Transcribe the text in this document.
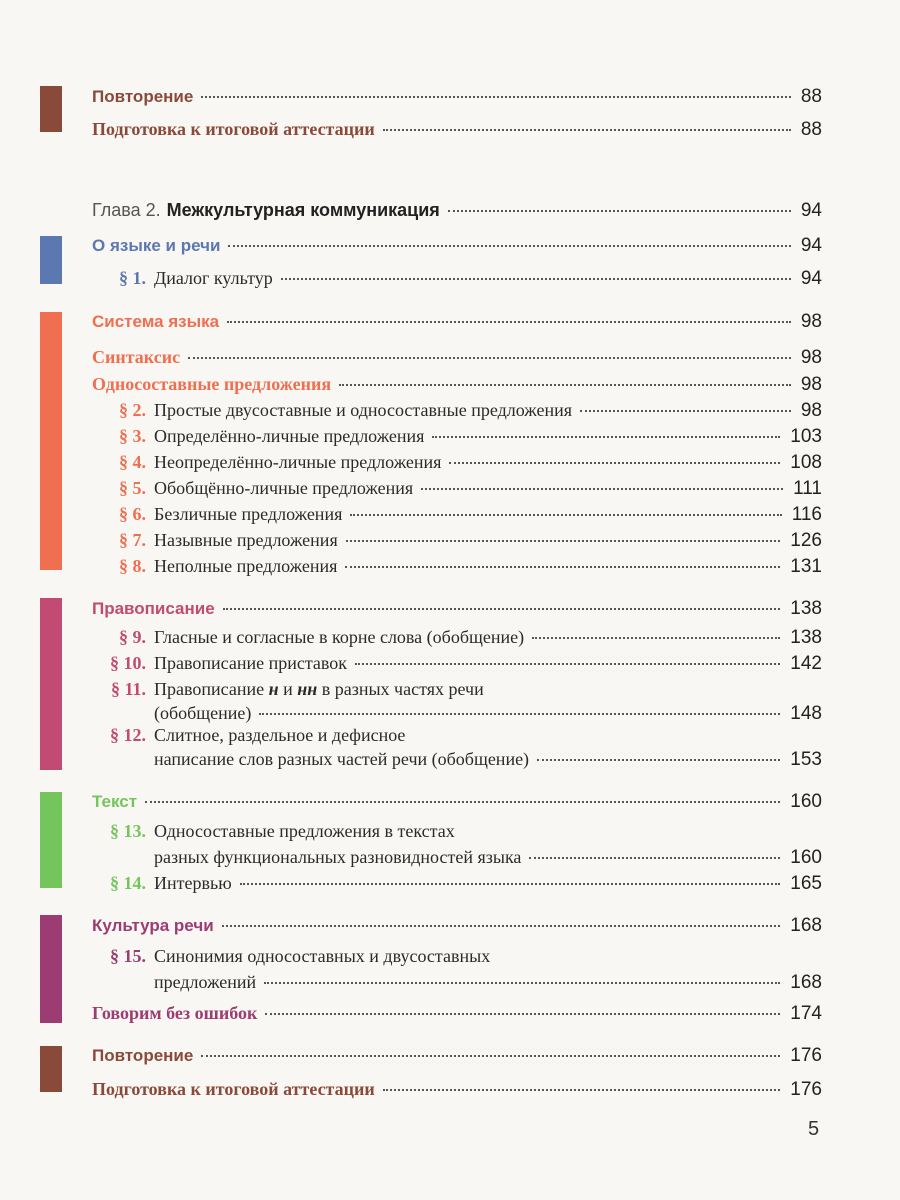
Повторение	88
Подготовка к итоговой аттестации	88
Глава 2. Межкультурная коммуникация	94
О языке и речи	94
§ 1. Диалог культур	94
Система языка	98
Синтаксис	98
Односоставные предложения	98
§ 2. Простые двусоставные и односоставные предложения	98
§ 3. Определённо-личные предложения	103
§ 4. Неопределённо-личные предложения	108
§ 5. Обобщённо-личные предложения	111
§ 6. Безличные предложения	116
§ 7. Назывные предложения	126
§ 8. Неполные предложения	131
Правописание	138
§ 9. Гласные и согласные в корне слова (обобщение)	138
§ 10. Правописание приставок	142
§ 11. Правописание н и нн в разных частях речи
(обобщение)	148
§ 12. Слитное, раздельное и дефисное
написание слов разных частей речи (обобщение)	153
Текст	160
§ 13. Односоставные предложения в текстах
разных функциональных разновидностей языка	160
§ 14. Интервью	165
Культура речи	168
§ 15. Синонимия односоставных и двусоставных
предложений	168
Говорим без ошибок	174
Повторение	176
Подготовка к итоговой аттестации	176
5
